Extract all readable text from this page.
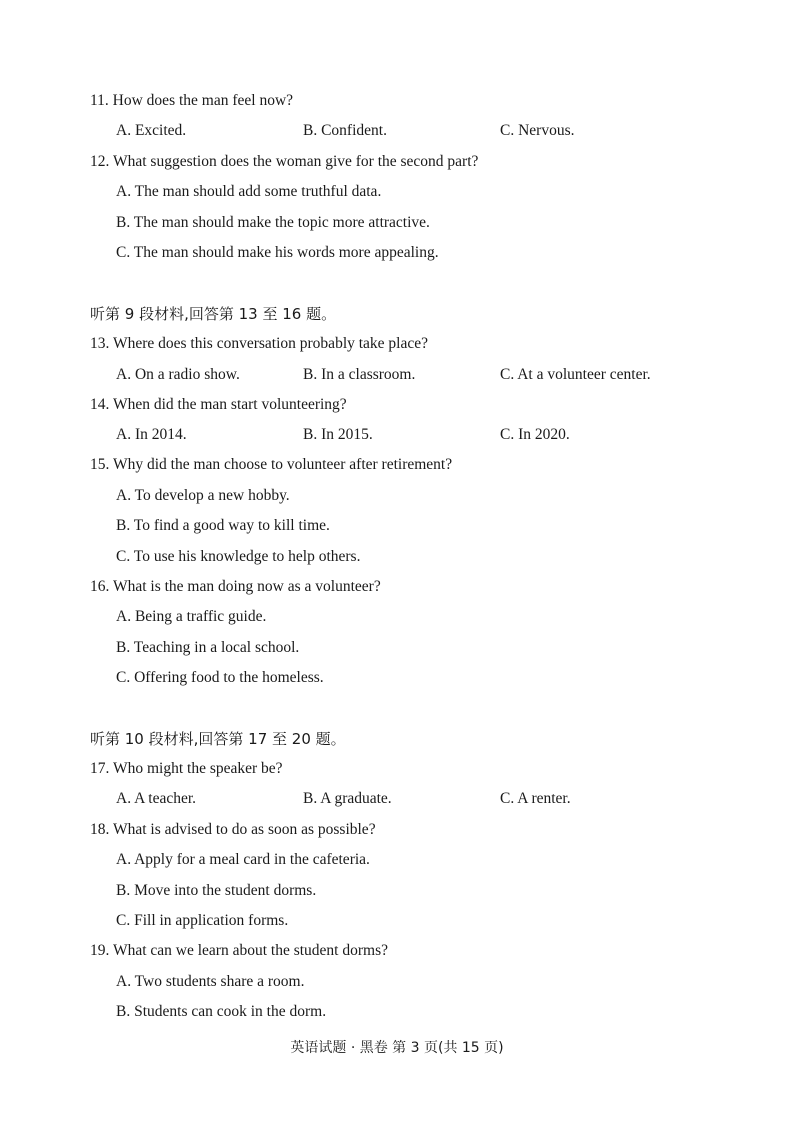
11. How does the man feel now?
A. Excited.	B. Confident.	C. Nervous.
12. What suggestion does the woman give for the second part?
A. The man should add some truthful data.
B. The man should make the topic more attractive.
C. The man should make his words more appealing.
听第 9 段材料,回答第 13 至 16 题。
13. Where does this conversation probably take place?
A. On a radio show.	B. In a classroom.	C. At a volunteer center.
14. When did the man start volunteering?
A. In 2014.	B. In 2015.	C. In 2020.
15. Why did the man choose to volunteer after retirement?
A. To develop a new hobby.
B. To find a good way to kill time.
C. To use his knowledge to help others.
16. What is the man doing now as a volunteer?
A. Being a traffic guide.
B. Teaching in a local school.
C. Offering food to the homeless.
听第 10 段材料,回答第 17 至 20 题。
17. Who might the speaker be?
A. A teacher.	B. A graduate.	C. A renter.
18. What is advised to do as soon as possible?
A. Apply for a meal card in the cafeteria.
B. Move into the student dorms.
C. Fill in application forms.
19. What can we learn about the student dorms?
A. Two students share a room.
B. Students can cook in the dorm.
英语试题 · 黑卷 第 3 页(共 15 页)
